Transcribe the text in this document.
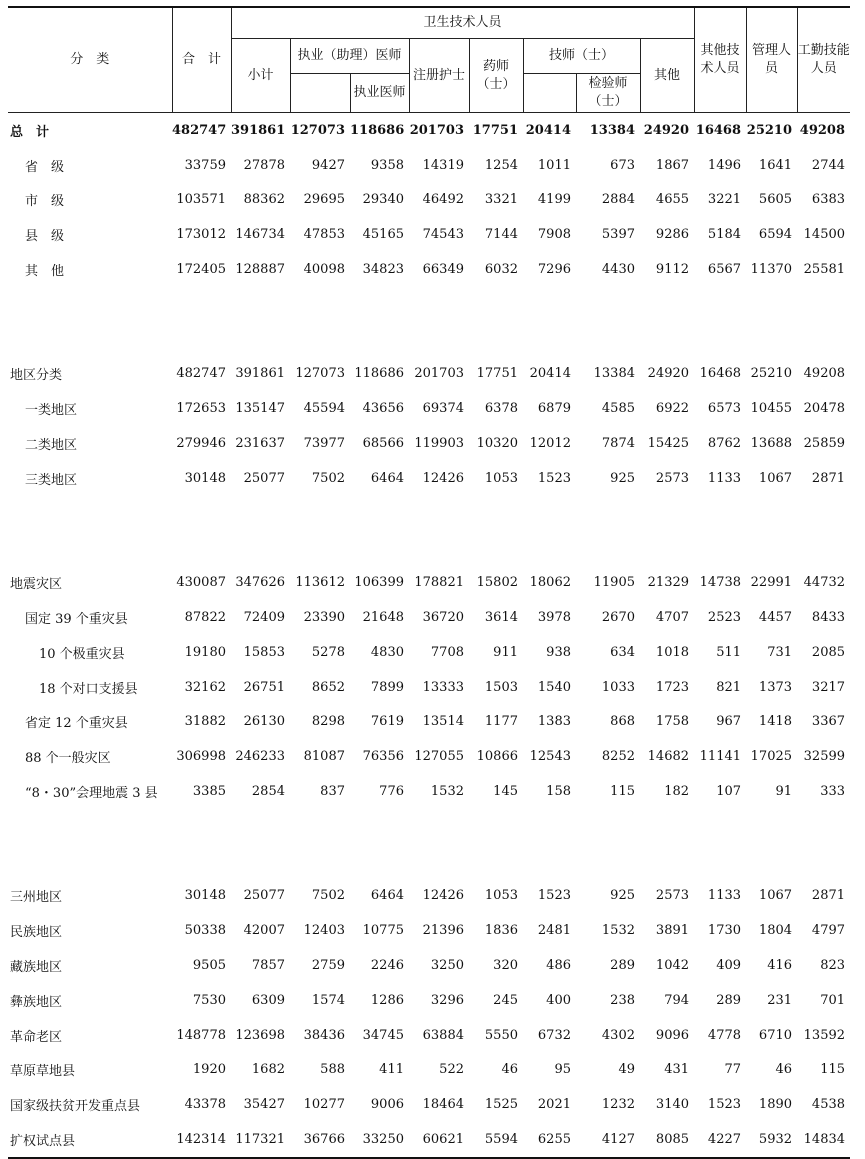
分　类	合　计	卫生技术人员								其他技术人员	管理人员	工勤技能人员
		小计	执业（助理）医师		注册护士	药师（士）	技师（士）		其他			
				执业医师				检验师（士）				
总　计	482747	391861	127073	118686	201703	17751	20414	13384	24920	16468	25210	49208
省　级	33759	27878	9427	9358	14319	1254	1011	673	1867	1496	1641	2744
市　级	103571	88362	29695	29340	46492	3321	4199	2884	4655	3221	5605	6383
县　级	173012	146734	47853	45165	74543	7144	7908	5397	9286	5184	6594	14500
其　他	172405	128887	40098	34823	66349	6032	7296	4430	9112	6567	11370	25581

地区分类	482747	391861	127073	118686	201703	17751	20414	13384	24920	16468	25210	49208
一类地区	172653	135147	45594	43656	69374	6378	6879	4585	6922	6573	10455	20478
二类地区	279946	231637	73977	68566	119903	10320	12012	7874	15425	8762	13688	25859
三类地区	30148	25077	7502	6464	12426	1053	1523	925	2573	1133	1067	2871

地震灾区	430087	347626	113612	106399	178821	15802	18062	11905	21329	14738	22991	44732
国定 39 个重灾县	87822	72409	23390	21648	36720	3614	3978	2670	4707	2523	4457	8433
10 个极重灾县	19180	15853	5278	4830	7708	911	938	634	1018	511	731	2085
18 个对口支援县	32162	26751	8652	7899	13333	1503	1540	1033	1723	821	1373	3217
省定 12 个重灾县	31882	26130	8298	7619	13514	1177	1383	868	1758	967	1418	3367
88 个一般灾区	306998	246233	81087	76356	127055	10866	12543	8252	14682	11141	17025	32599
“8・30”会理地震 3 县	3385	2854	837	776	1532	145	158	115	182	107	91	333

三州地区	30148	25077	7502	6464	12426	1053	1523	925	2573	1133	1067	2871
民族地区	50338	42007	12403	10775	21396	1836	2481	1532	3891	1730	1804	4797
藏族地区	9505	7857	2759	2246	3250	320	486	289	1042	409	416	823
彝族地区	7530	6309	1574	1286	3296	245	400	238	794	289	231	701
革命老区	148778	123698	38436	34745	63884	5550	6732	4302	9096	4778	6710	13592
草原草地县	1920	1682	588	411	522	46	95	49	431	77	46	115
国家级扶贫开发重点县	43378	35427	10277	9006	18464	1525	2021	1232	3140	1523	1890	4538
扩权试点县	142314	117321	36766	33250	60621	5594	6255	4127	8085	4227	5932	14834
